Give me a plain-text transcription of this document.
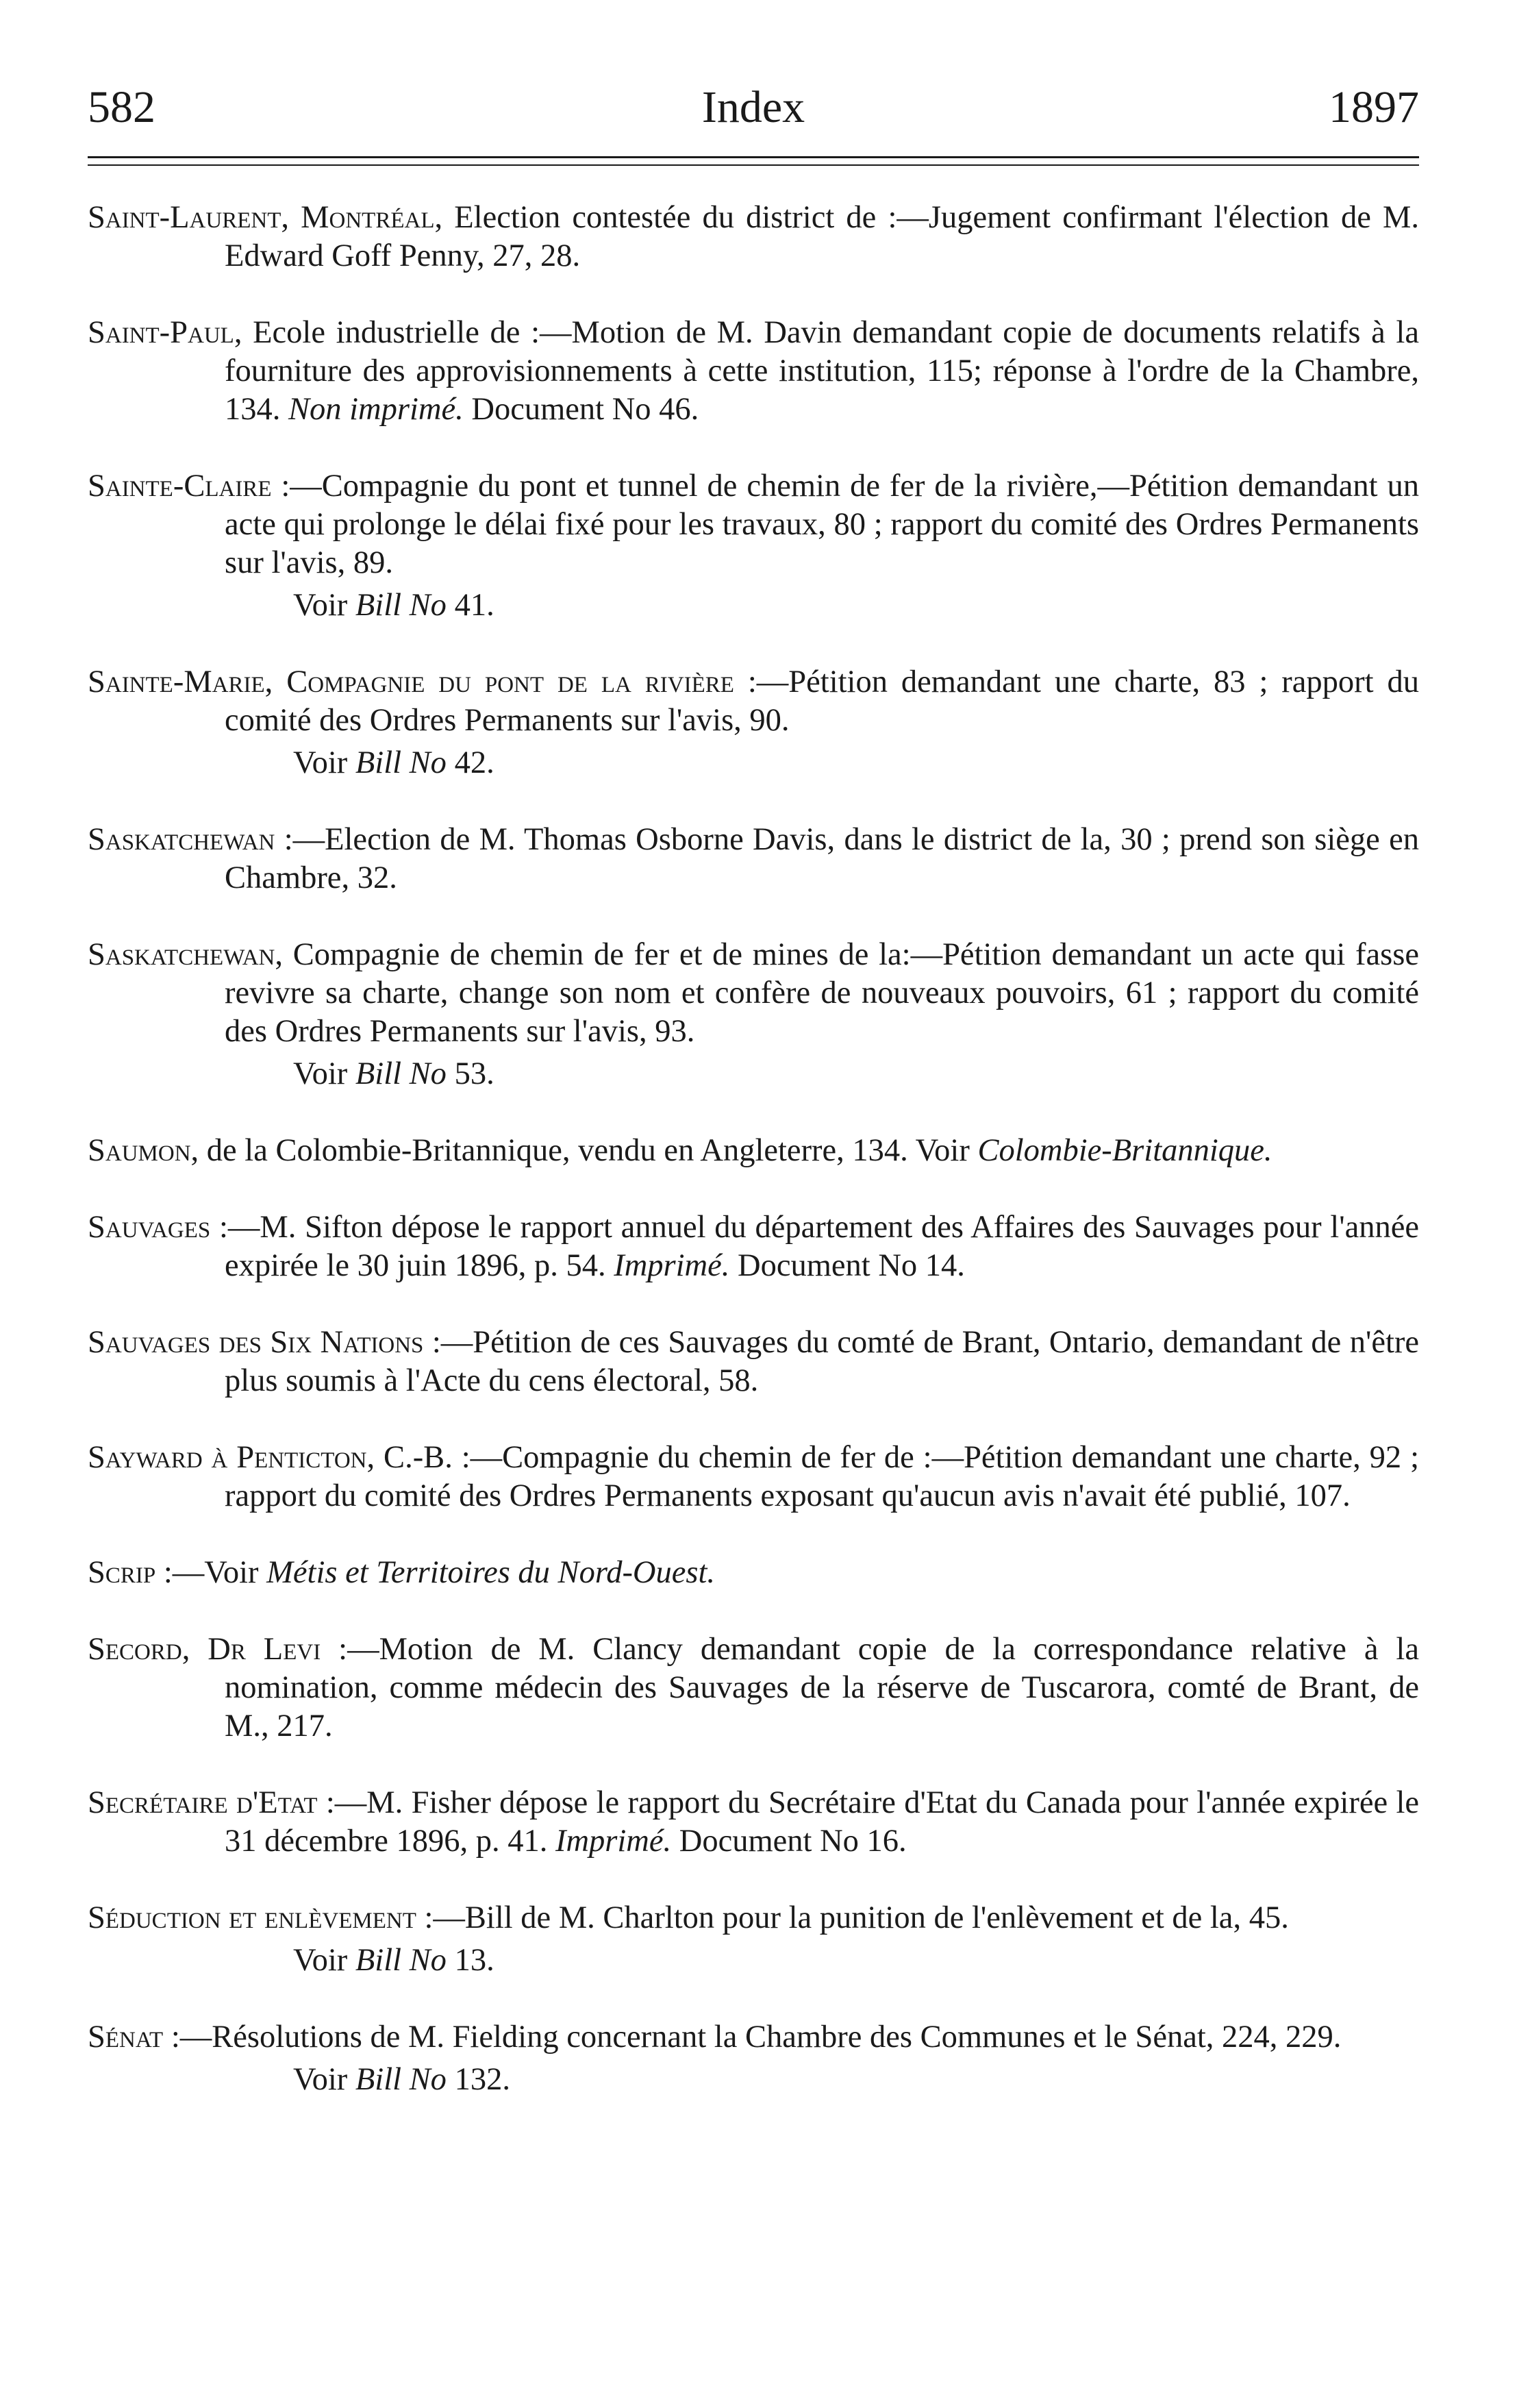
582	Index	1897
Saint-Laurent, Montréal, Election contestée du district de :—Jugement confirmant l'élection de M. Edward Goff Penny, 27, 28.
Saint-Paul, Ecole industrielle de :—Motion de M. Davin demandant copie de documents relatifs à la fourniture des approvisionnements à cette institution, 115; réponse à l'ordre de la Chambre, 134. Non imprimé. Document No 46.
Sainte-Claire :—Compagnie du pont et tunnel de chemin de fer de la rivière,—Pétition demandant un acte qui prolonge le délai fixé pour les travaux, 80 ; rapport du comité des Ordres Permanents sur l'avis, 89.
Voir Bill No 41.
Sainte-Marie, Compagnie du pont de la rivière :—Pétition demandant une charte, 83 ; rapport du comité des Ordres Permanents sur l'avis, 90.
Voir Bill No 42.
Saskatchewan :—Election de M. Thomas Osborne Davis, dans le district de la, 30 ; prend son siège en Chambre, 32.
Saskatchewan, Compagnie de chemin de fer et de mines de la:—Pétition demandant un acte qui fasse revivre sa charte, change son nom et confère de nouveaux pouvoirs, 61 ; rapport du comité des Ordres Permanents sur l'avis, 93.
Voir Bill No 53.
Saumon, de la Colombie-Britannique, vendu en Angleterre, 134. Voir Colombie-Britannique.
Sauvages :—M. Sifton dépose le rapport annuel du département des Affaires des Sauvages pour l'année expirée le 30 juin 1896, p. 54. Imprimé. Document No 14.
Sauvages des Six Nations :—Pétition de ces Sauvages du comté de Brant, Ontario, demandant de n'être plus soumis à l'Acte du cens électoral, 58.
Sayward à Penticton, C.-B. :—Compagnie du chemin de fer de :—Pétition demandant une charte, 92 ; rapport du comité des Ordres Permanents exposant qu'aucun avis n'avait été publié, 107.
Scrip :—Voir Métis et Territoires du Nord-Ouest.
Secord, Dr Levi :—Motion de M. Clancy demandant copie de la correspondance relative à la nomination, comme médecin des Sauvages de la réserve de Tuscarora, comté de Brant, de M., 217.
Secrétaire d'Etat :—M. Fisher dépose le rapport du Secrétaire d'Etat du Canada pour l'année expirée le 31 décembre 1896, p. 41. Imprimé. Document No 16.
Séduction et enlèvement :—Bill de M. Charlton pour la punition de l'enlèvement et de la, 45.
Voir Bill No 13.
Sénat :—Résolutions de M. Fielding concernant la Chambre des Communes et le Sénat, 224, 229.
Voir Bill No 132.
